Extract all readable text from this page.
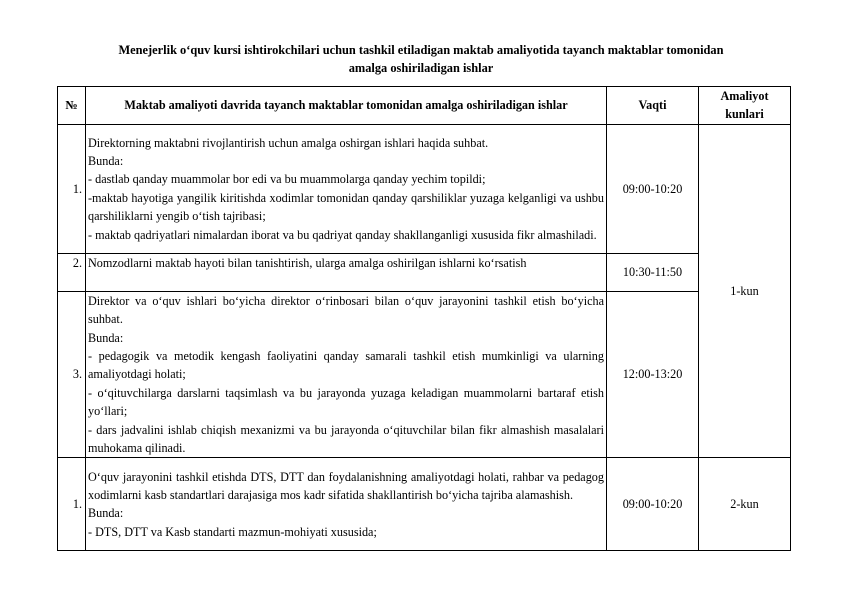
Menejerlik o‘quv kursi ishtirokchilari uchun tashkil etiladigan maktab amaliyotida tayanch maktablar tomonidan
amalga oshiriladigan ishlar
№	Maktab amaliyoti davrida tayanch maktablar tomonidan amalga oshiriladigan ishlar	Vaqti	Amaliyot
kunlari

1.	Direktorning maktabni rivojlantirish uchun amalga oshirgan ishlari haqida suhbat.
Bunda:
- dastlab qanday muammolar bor edi va bu muammolarga qanday yechim topildi;
-maktab hayotiga yangilik kiritishda xodimlar tomonidan qanday qarshiliklar yuzaga kelganligi va ushbu qarshiliklarni yengib o‘tish tajribasi;
- maktab qadriyatlari nimalardan iborat va bu qadriyat qanday shakllanganligi xususida fikr almashiladi.	09:00-10:20	1-kun
2.	Nomzodlarni maktab hayoti bilan tanishtirish, ularga amalga oshirilgan ishlarni ko‘rsatish	10:30-11:50	
3.	Direktor va o‘quv ishlari bo‘yicha direktor o‘rinbosari bilan o‘quv jarayonini tashkil etish bo‘yicha suhbat.
Bunda:
- pedagogik va metodik kengash faoliyatini qanday samarali tashkil etish mumkinligi va ularning amaliyotdagi holati;
- o‘qituvchilarga darslarni taqsimlash va bu jarayonda yuzaga keladigan muammolarni bartaraf etish yo‘llari;
- dars jadvalini ishlab chiqish mexanizmi va bu jarayonda o‘qituvchilar bilan fikr almashish masalalari muhokama qilinadi.	12:00-13:20	
1.	O‘quv jarayonini tashkil etishda DTS, DTT dan foydalanishning amaliyotdagi holati, rahbar va pedagog xodimlarni kasb standartlari darajasiga mos kadr sifatida shakllantirish bo‘yicha tajriba alamashish.
Bunda:
- DTS, DTT va Kasb standarti mazmun-mohiyati xususida;	09:00-10:20	2-kun
